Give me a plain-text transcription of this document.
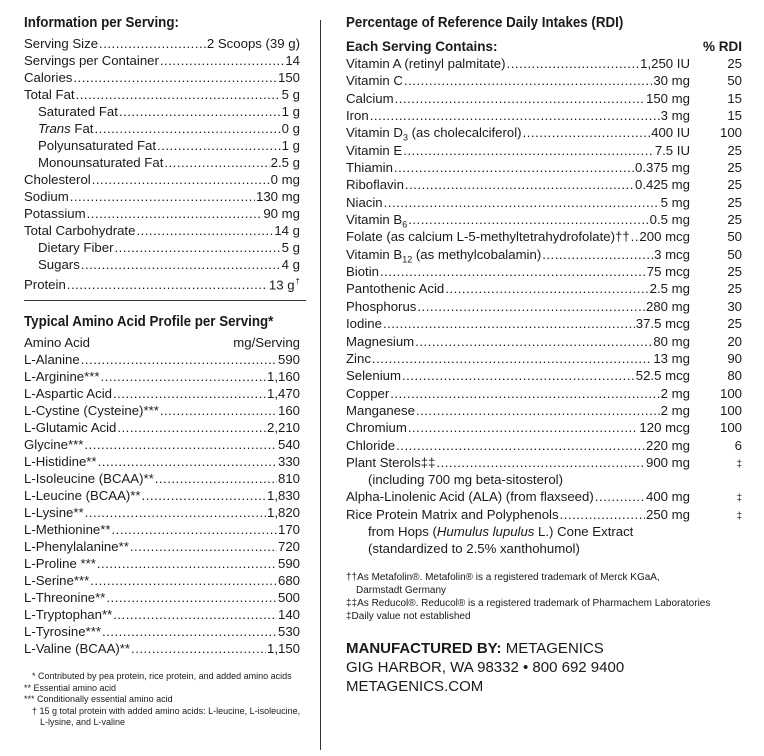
Information per Serving:
Serving Size .....	2 Scoops (39 g)
Servings per Container .....	14
Calories .....	150
Total Fat .....	5 g
Saturated Fat .....	1 g
Trans Fat .....	0 g
Polyunsaturated Fat .....	1 g
Monounsaturated Fat .....	2.5 g
Cholesterol .....	0 mg
Sodium .....	130 mg
Potassium .....	90 mg
Total Carbohydrate .....	14 g
Dietary Fiber .....	5 g
Sugars .....	4 g
Protein .....	13 g†
Typical Amino Acid Profile per Serving*
Amino Acid	mg/Serving
L-Alanine .....	590
L-Arginine*** .....	1,160
L-Aspartic Acid .....	1,470
L-Cystine (Cysteine)*** .....	160
L-Glutamic Acid .....	2,210
Glycine*** .....	540
L-Histidine** .....	330
L-Isoleucine (BCAA)** .....	810
L-Leucine (BCAA)** .....	1,830
L-Lysine** .....	1,820
L-Methionine** .....	170
L-Phenylalanine** .....	720
L-Proline *** .....	590
L-Serine*** .....	680
L-Threonine** .....	500
L-Tryptophan** .....	140
L-Tyrosine*** .....	530
L-Valine (BCAA)** .....	1,150
* Contributed by pea protein, rice protein, and added amino acids
** Essential amino acid
*** Conditionally essential amino acid
† 15 g total protein with added amino acids: L-leucine, L-isoleucine,
L-lysine, and L-valine
Percentage of Reference Daily Intakes (RDI)
Each Serving Contains:	% RDI
Vitamin A (retinyl palmitate) .....	1,250 IU	25
Vitamin C .....	30 mg	50
Calcium .....	150 mg	15
Iron .....	3 mg	15
Vitamin $D_3$ (as cholecalciferol) .....	400 IU	100
Vitamin E .....	7.5 IU	25
Thiamin .....	0.375 mg	25
Riboflavin .....	0.425 mg	25
Niacin .....	5 mg	25
Vitamin $B_6$ .....	0.5 mg	25
Folate (as calcium L-5-methyltetrahydrofolate)†† ..... 200 mcg	50
Vitamin $B_{12}$ (as methylcobalamin) .....	3 mcg	50
Biotin .....	75 mcg	25
Pantothenic Acid .....	2.5 mg	25
Phosphorus .....	280 mg	30
Iodine .....	37.5 mcg	25
Magnesium .....	80 mg	20
Zinc .....	13 mg	90
Selenium .....	52.5 mcg	80
Copper .....	2 mg	100
Manganese .....	2 mg	100
Chromium .....	120 mcg	100
Chloride .....	220 mg	6
Plant Sterols‡‡ .....	900 mg	‡
(including 700 mg beta-sitosterol)
Alpha-Linolenic Acid (ALA) (from flaxseed) .....	400 mg	‡
Rice Protein Matrix and Polyphenols .....	250 mg	‡
from Hops (Humulus lupulus L.) Cone Extract
(standardized to 2.5% xanthohumol)
††As Metafolin®. Metafolin® is a registered trademark of Merck KGaA,
Darmstadt Germany
‡‡As Reducol®. Reducol® is a registered trademark of Pharmachem Laboratories
‡Daily value not established
MANUFACTURED BY: METAGENICS
GIG HARBOR, WA 98332 • 800 692 9400
METAGENICS.COM
